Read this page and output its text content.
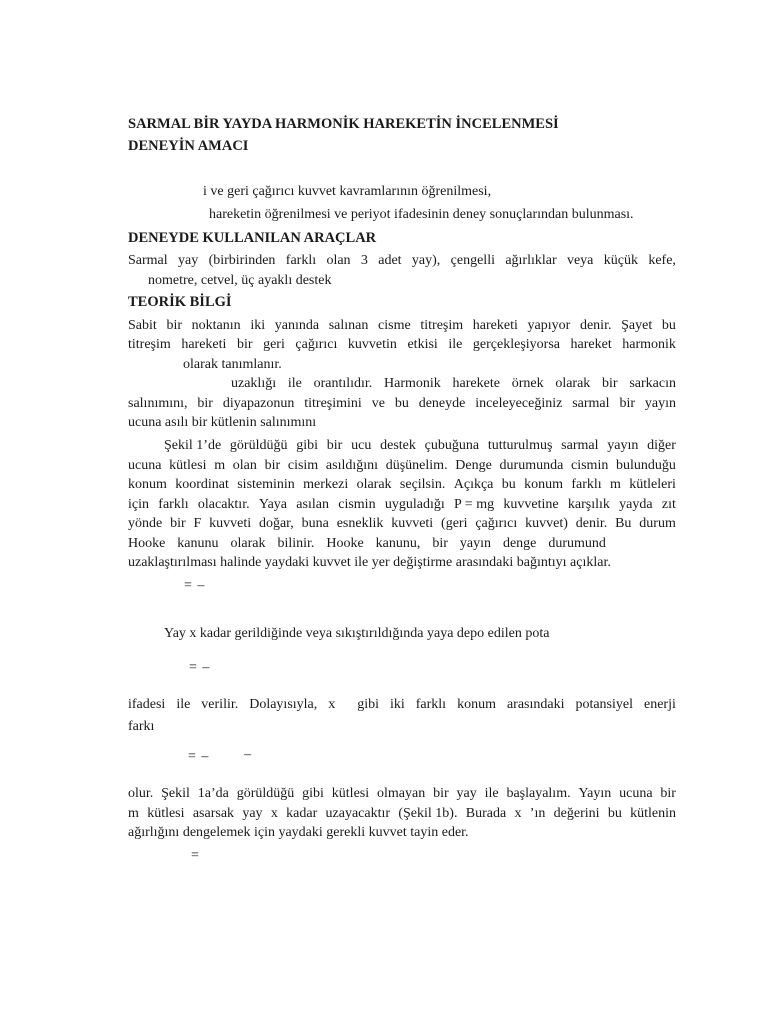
SARMAL BİR YAYDA HARMONİK HAREKETİN İNCELENMESİ
DENEYİN AMACI
i ve geri çağırıcı kuvvet kavramlarının öğrenilmesi,
hareketin öğrenilmesi ve periyot ifadesinin deney sonuçlarından bulunması.
DENEYDE KULLANILAN ARAÇLAR
Sarmal yay (birbirinden farklı olan 3 adet yay), çengelli ağırlıklar veya küçük kefe,
nometre, cetvel, üç ayaklı destek
TEORİK BİLGİ
Sabit bir noktanın iki yanında salınan cisme titreşim hareketi yapıyor denir. Şayet bu
titreşim hareketi bir geri çağırıcı kuvvetin etkisi ile gerçekleşiyorsa hareket harmonik
olarak tanımlanır.
uzaklığı ile orantılıdır. Harmonik harekete örnek olarak bir sarkacın
salınımını, bir diyapazonun titreşimini ve bu deneyde inceleyeceğiniz sarmal bir yayın
ucuna asılı bir kütlenin salınımını
Şekil 1’de görüldüğü gibi bir ucu destek çubuğuna tutturulmuş sarmal yayın diğer
ucuna kütlesi m olan bir cisim asıldığını düşünelim. Denge durumunda cismin bulunduğu
konum koordinat sisteminin merkezi olarak seçilsin. Açıkça bu konum farklı m kütleleri
için farklı olacaktır. Yaya asılan cismin uyguladığı P = mg kuvvetine karşılık yayda zıt
yönde bir F kuvveti doğar, buna esneklik kuvveti (geri çağırıcı kuvvet) denir. Bu durum
Hooke kanunu olarak bilinir. Hooke kanunu, bir yayın denge durumund
uzaklaştırılması halinde yaydaki kuvvet ile yer değiştirme arasındaki bağıntıyı açıklar.
= –
Yay x kadar gerildiğinde veya sıkıştırıldığında yaya depo edilen pota
= –
ifadesi ile verilir. Dolayısıyla, x gibi iki farklı konum arasındaki potansiyel enerji
farkı
= – –
olur. Şekil 1a’da görüldüğü gibi kütlesi olmayan bir yay ile başlayalım. Yayın ucuna bir
m kütlesi asarsak yay x kadar uzayacaktır (Şekil 1b). Burada x ’ın değerini bu kütlenin
ağırlığını dengelemek için yaydaki gerekli kuvvet tayin eder.
=
